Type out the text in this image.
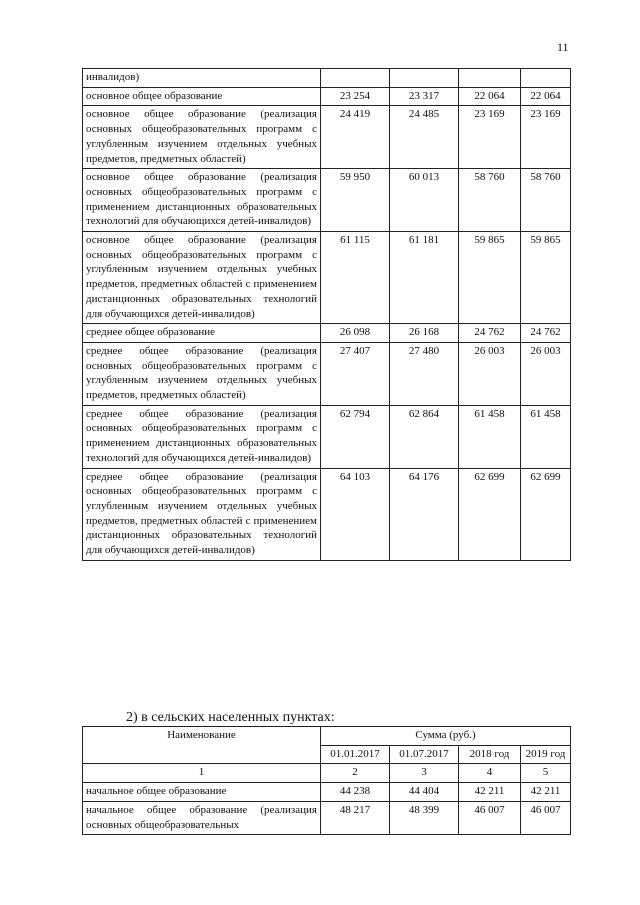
11
инвалидов)				
основное общее образование	23 254	23 317	22 064	22 064
основное общее образование (реализация основных общеобразовательных программ с углубленным изучением отдельных учебных предметов, предметных областей)	24 419	24 485	23 169	23 169
основное общее образование (реализация основных общеобразовательных программ с применением дистанционных образовательных технологий для обучающихся детей-инвалидов)	59 950	60 013	58 760	58 760
основное общее образование (реализация основных общеобразовательных программ с углубленным изучением отдельных учебных предметов, предметных областей с применением дистанционных образовательных технологий для обучающихся детей-инвалидов)	61 115	61 181	59 865	59 865
среднее общее образование	26 098	26 168	24 762	24 762
среднее общее образование (реализация основных общеобразовательных программ с углубленным изучением отдельных учебных предметов, предметных областей)	27 407	27 480	26 003	26 003
среднее общее образование (реализация основных общеобразовательных программ с применением дистанционных образовательных технологий для обучающихся детей-инвалидов)	62 794	62 864	61 458	61 458
среднее общее образование (реализация основных общеобразовательных программ с углубленным изучением отдельных учебных предметов, предметных областей с применением дистанционных образовательных технологий для обучающихся детей-инвалидов)	64 103	64 176	62 699	62 699
2) в сельских населенных пунктах:
Наименование	Сумма (руб.)			
	01.01.2017	01.07.2017	2018 год	2019 год
1	2	3	4	5
начальное общее образование	44 238	44 404	42 211	42 211
начальное общее образование (реализация основных общеобразовательных	48 217	48 399	46 007	46 007
